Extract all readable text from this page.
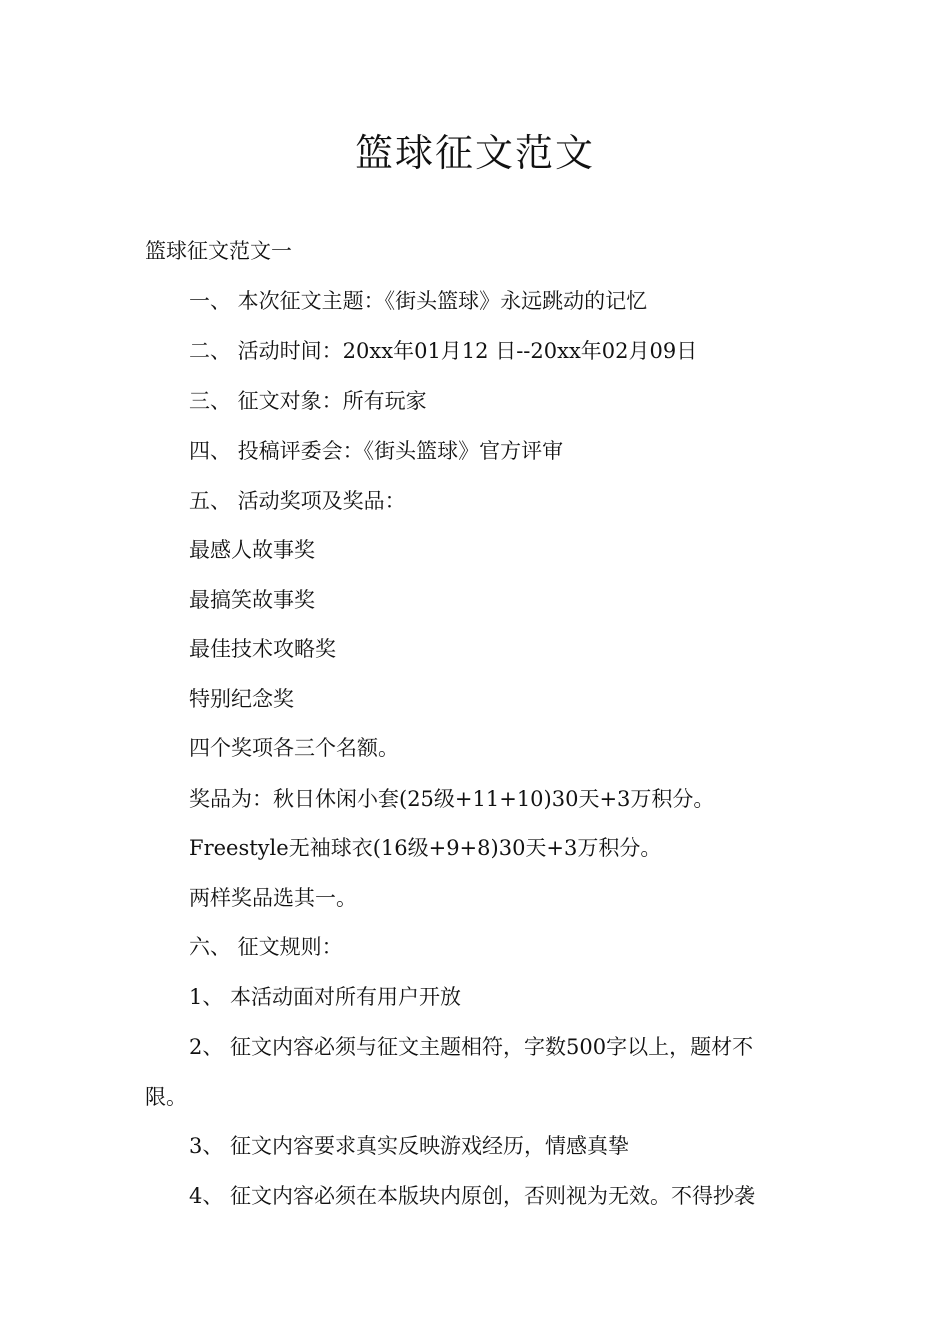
篮球征文范文
篮球征文范文一
一、 本次征文主题：《街头篮球》永远跳动的记忆
二、 活动时间：20xx年01月12 日--20xx年02月09日
三、 征文对象：所有玩家
四、 投稿评委会：《街头篮球》官方评审
五、 活动奖项及奖品：
最感人故事奖
最搞笑故事奖
最佳技术攻略奖
特别纪念奖
四个奖项各三个名额。
奖品为：秋日休闲小套(25级+11+10)30天+3万积分。
Freestyle无袖球衣(16级+9+8)30天+3万积分。
两样奖品选其一。
六、 征文规则：
1、 本活动面对所有用户开放
2、 征文内容必须与征文主题相符，字数500字以上，题材不
限。
3、 征文内容要求真实反映游戏经历，情感真挚
4、 征文内容必须在本版块内原创，否则视为无效。不得抄袭
